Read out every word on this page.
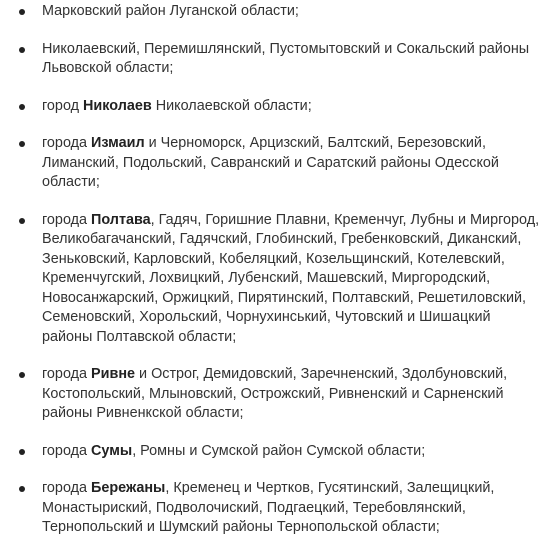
Марковский район Луганской области;
Николаевский, Перемишлянский, Пустомытовский и Сокальский районы Львовской области;
город Николаев Николаевской области;
города Измаил и Черноморск, Арцизский, Балтский, Березовский, Лиманский, Подольский, Савранский и Саратский районы Одесской области;
города Полтава, Гадяч, Горишние Плавни, Кременчуг, Лубны и Миргород, Великобагачанский, Гадячский, Глобинский, Гребенковский, Диканский, Зеньковский, Карловский, Кобеляцкий, Козельщинский, Котелевский, Кременчугский, Лохвицкий, Лубенский, Машевский, Миргородский, Новосанжарский, Оржицкий, Пирятинский, Полтавский, Решетиловский, Семеновский, Хорольский, Чорнухинський, Чутовский и Шишацкий районы Полтавской области;
города Ривне и Острог, Демидовский, Заречненский, Здолбуновский, Костопольский, Млыновский, Острожский, Ривненский и Сарненский районы Ривненкской области;
города Сумы, Ромны и Сумской район Сумской области;
города Бережаны, Кременец и Чертков, Гусятинский, Залещицкий, Монастыриский, Подволочиский, Подгаецкий, Теребовлянский, Тернопольский и Шумский районы Тернопольской области;
